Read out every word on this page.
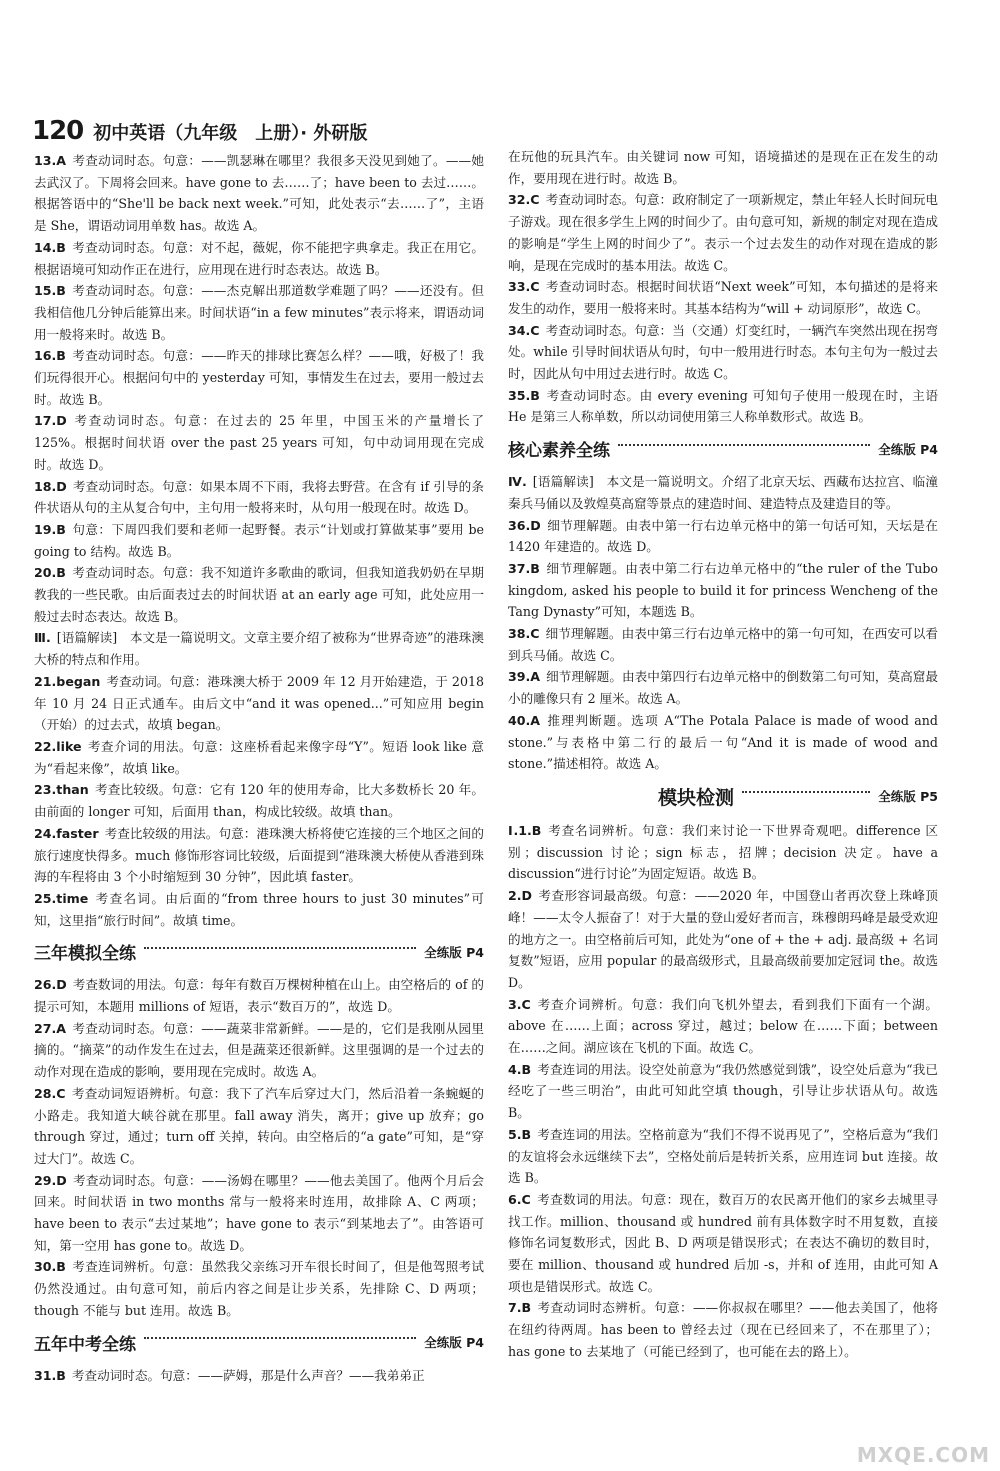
120 初中英语（九年级　上册）· 外研版

13.A 考查动词时态。句意：——凯瑟琳在哪里？我很多天没见到她了。——她去武汉了。下周将会回来。have gone to 去……了；have been to 去过……。根据答语中的“She'll be back next week.”可知，此处表示“去……了”，主语是 She，谓语动词用单数 has。故选 A。

14.B 考查动词时态。句意：对不起，薇妮，你不能把字典拿走。我正在用它。根据语境可知动作正在进行，应用现在进行时态表达。故选 B。

15.B 考查动词时态。句意：——杰克解出那道数学难题了吗？——还没有。但我相信他几分钟后能算出来。时间状语“in a few minutes”表示将来，谓语动词用一般将来时。故选 B。

16.B 考查动词时态。句意：——昨天的排球比赛怎么样？——哦，好极了！我们玩得很开心。根据问句中的 yesterday 可知，事情发生在过去，要用一般过去时。故选 B。

17.D 考查动词时态。句意：在过去的 25 年里，中国玉米的产量增长了 125%。根据时间状语 over the past 25 years 可知，句中动词用现在完成时。故选 D。

18.D 考查动词时态。句意：如果本周不下雨，我将去野营。在含有 if 引导的条件状语从句的主从复合句中，主句用一般将来时，从句用一般现在时。故选 D。

19.B 句意：下周四我们要和老师一起野餐。表示“计划或打算做某事”要用 be going to 结构。故选 B。

20.B 考查动词时态。句意：我不知道许多歌曲的歌词，但我知道我奶奶在早期教我的一些民歌。由后面表过去的时间状语 at an early age 可知，此处应用一般过去时态表达。故选 B。

Ⅲ. [语篇解读]　本文是一篇说明文。文章主要介绍了被称为“世界奇迹”的港珠澳大桥的特点和作用。

21.began 考查动词。句意：港珠澳大桥于 2009 年 12 月开始建造，于 2018 年 10 月 24 日正式通车。由后文中“and it was opened...”可知应用 begin（开始）的过去式，故填 began。

22.like 考查介词的用法。句意：这座桥看起来像字母“Y”。短语 look like 意为“看起来像”，故填 like。

23.than 考查比较级。句意：它有 120 年的使用寿命，比大多数桥长 20 年。由前面的 longer 可知，后面用 than，构成比较级。故填 than。

24.faster 考查比较级的用法。句意：港珠澳大桥将使它连接的三个地区之间的旅行速度快得多。much 修饰形容词比较级，后面提到“港珠澳大桥使从香港到珠海的车程将由 3 个小时缩短到 30 分钟”，因此填 faster。

25.time 考查名词。由后面的“from three hours to just 30 minutes”可知，这里指“旅行时间”。故填 time。

三年模拟全练	全练版 P4

26.D 考查数词的用法。句意：每年有数百万棵树种植在山上。由空格后的 of 的提示可知，本题用 millions of 短语，表示“数百万的”，故选 D。

27.A 考查动词时态。句意：——蔬菜非常新鲜。——是的，它们是我刚从园里摘的。“摘菜”的动作发生在过去，但是蔬菜还很新鲜。这里强调的是一个过去的动作对现在造成的影响，要用现在完成时。故选 A。

28.C 考查动词短语辨析。句意：我下了汽车后穿过大门，然后沿着一条蜿蜒的小路走。我知道大峡谷就在那里。fall away 消失，离开；give up 放弃；go through 穿过，通过；turn off 关掉，转向。由空格后的“a gate”可知，是“穿过大门”。故选 C。

29.D 考查动词时态。句意：——汤姆在哪里？——他去美国了。他两个月后会回来。时间状语 in two months 常与一般将来时连用，故排除 A、C 两项；have been to 表示“去过某地”；have gone to 表示“到某地去了”。由答语可知，第一空用 has gone to。故选 D。

30.B 考查连词辨析。句意：虽然我父亲练习开车很长时间了，但是他驾照考试仍然没通过。由句意可知，前后内容之间是让步关系，先排除 C、D 两项；though 不能与 but 连用。故选 B。

五年中考全练	全练版 P4

31.B 考查动词时态。句意：——萨姆，那是什么声音？——我弟弟正

在玩他的玩具汽车。由关键词 now 可知，语境描述的是现在正在发生的动作，要用现在进行时。故选 B。

32.C 考查动词时态。句意：政府制定了一项新规定，禁止年轻人长时间玩电子游戏。现在很多学生上网的时间少了。由句意可知，新规的制定对现在造成的影响是“学生上网的时间少了”。表示一个过去发生的动作对现在造成的影响，是现在完成时的基本用法。故选 C。

33.C 考查动词时态。根据时间状语“Next week”可知，本句描述的是将来发生的动作，要用一般将来时。其基本结构为“will + 动词原形”，故选 C。

34.C 考查动词时态。句意：当（交通）灯变红时，一辆汽车突然出现在拐弯处。while 引导时间状语从句时，句中一般用进行时态。本句主句为一般过去时，因此从句中用过去进行时。故选 C。

35.B 考查动词时态。由 every evening 可知句子使用一般现在时，主语 He 是第三人称单数，所以动词使用第三人称单数形式。故选 B。

核心素养全练	全练版 P4

Ⅳ. [语篇解读]　本文是一篇说明文。介绍了北京天坛、西藏布达拉宫、临潼秦兵马俑以及敦煌莫高窟等景点的建造时间、建造特点及建造目的等。

36.D 细节理解题。由表中第一行右边单元格中的第一句话可知，天坛是在 1420 年建造的。故选 D。

37.B 细节理解题。由表中第二行右边单元格中的“the ruler of the Tubo kingdom, asked his people to build it for princess Wencheng of the Tang Dynasty”可知，本题选 B。

38.C 细节理解题。由表中第三行右边单元格中的第一句可知，在西安可以看到兵马俑。故选 C。

39.A 细节理解题。由表中第四行右边单元格中的倒数第二句可知，莫高窟最小的雕像只有 2 厘米。故选 A。

40.A 推理判断题。选项 A“The Potala Palace is made of wood and stone.”与表格中第二行的最后一句“And it is made of wood and stone.”描述相符。故选 A。

模块检测	全练版 P5

Ⅰ.1.B 考查名词辨析。句意：我们来讨论一下世界奇观吧。difference 区别；discussion 讨论；sign 标志，招牌；decision 决定。have a discussion“进行讨论”为固定短语。故选 B。

2.D 考查形容词最高级。句意：——2020 年，中国登山者再次登上珠峰顶峰！——太令人振奋了！对于大量的登山爱好者而言，珠穆朗玛峰是最受欢迎的地方之一。由空格前后可知，此处为“one of + the + adj. 最高级 + 名词复数”短语，应用 popular 的最高级形式，且最高级前要加定冠词 the。故选 D。

3.C 考查介词辨析。句意：我们向飞机外望去，看到我们下面有一个湖。above 在……上面；across 穿过，越过；below 在……下面；between 在……之间。湖应该在飞机的下面。故选 C。

4.B 考查连词的用法。设空处前意为“我仍然感觉到饿”，设空处后意为“我已经吃了一些三明治”，由此可知此空填 though，引导让步状语从句。故选 B。

5.B 考查连词的用法。空格前意为“我们不得不说再见了”，空格后意为“我们的友谊将会永远继续下去”，空格处前后是转折关系，应用连词 but 连接。故选 B。

6.C 考查数词的用法。句意：现在，数百万的农民离开他们的家乡去城里寻找工作。million、thousand 或 hundred 前有具体数字时不用复数，直接修饰名词复数形式，因此 B、D 两项是错误形式；在表达不确切的数目时，要在 million、thousand 或 hundred 后加 -s，并和 of 连用，由此可知 A 项也是错误形式。故选 C。

7.B 考查动词时态辨析。句意：——你叔叔在哪里？——他去美国了，他将在纽约待两周。has been to 曾经去过（现在已经回来了，不在那里了）；has gone to 去某地了（可能已经到了，也可能在去的路上）。

MXQE.COM
